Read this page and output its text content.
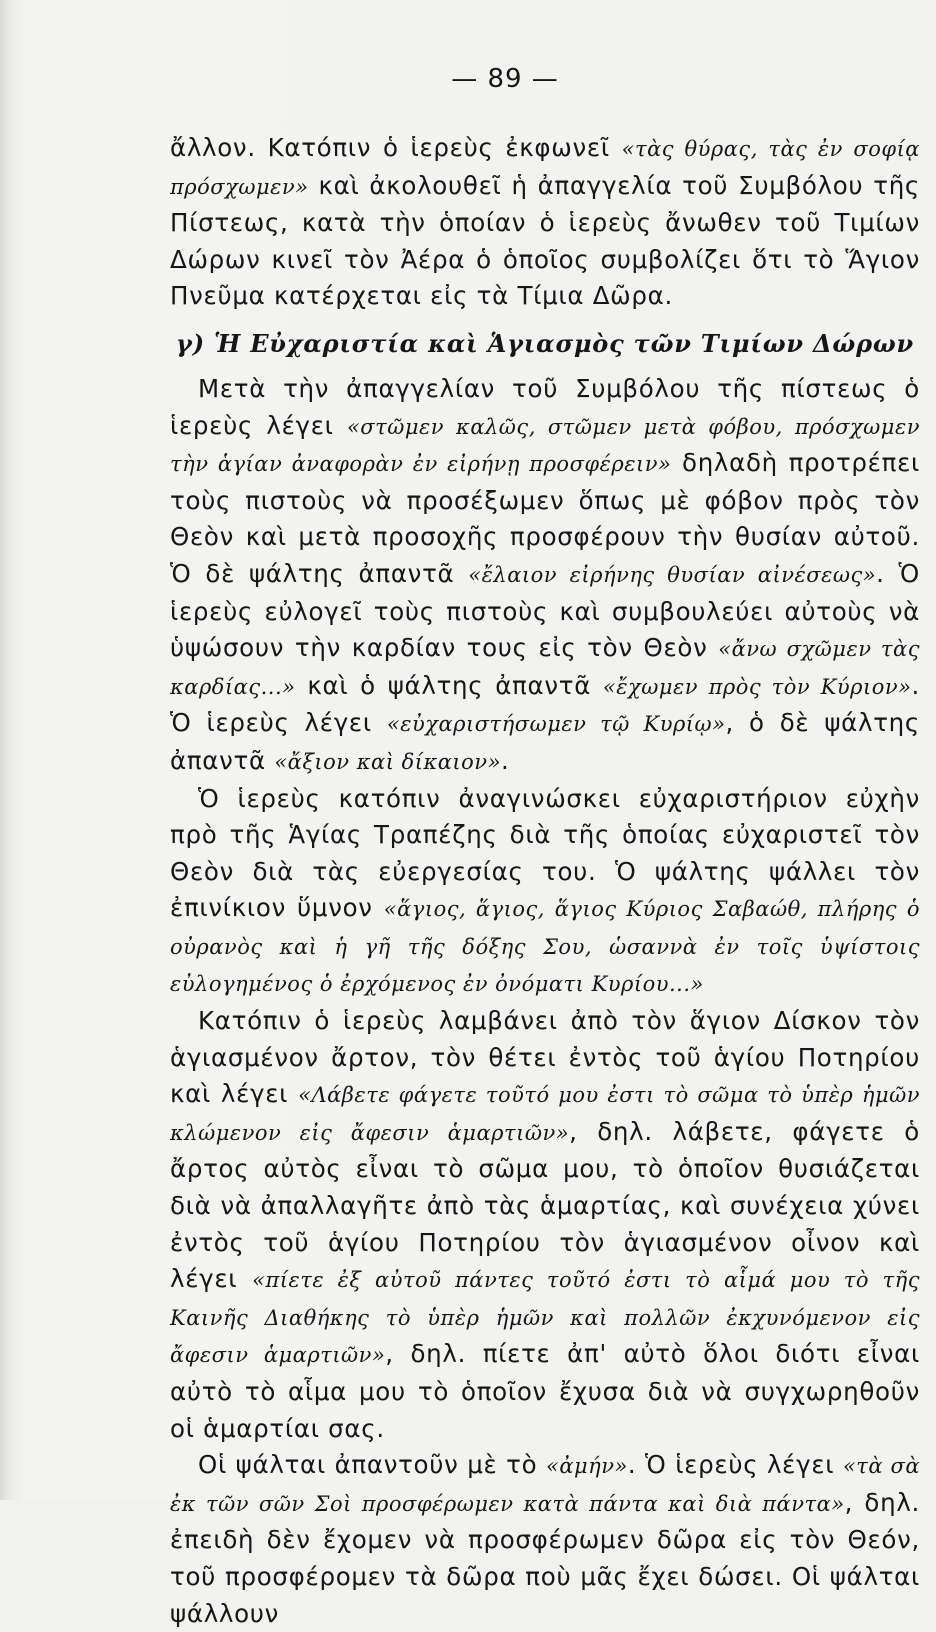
— 89 —

ἄλλον. Κατόπιν ὁ ἱερεὺς ἐκφωνεῖ «τὰς θύρας, τὰς ἐν σοφίᾳ πρόσχωμεν» καὶ ἀκολουθεῖ ἡ ἀπαγγελία τοῦ Συμβόλου τῆς Πίστεως, κατὰ τὴν ὁποίαν ὁ ἱερεὺς ἄνωθεν τοῦ Τιμίων Δώρων κινεῖ τὸν Ἀέρα ὁ ὁποῖος συμβολίζει ὅτι τὸ Ἅγιον Πνεῦμα κατέρχεται εἰς τὰ Τίμια Δῶρα.

γ) Ἡ Εὐχαριστία καὶ Ἁγιασμὸς τῶν Τιμίων Δώρων

Μετὰ τὴν ἀπαγγελίαν τοῦ Συμβόλου τῆς πίστεως ὁ ἱερεὺς λέγει «στῶμεν καλῶς, στῶμεν μετὰ φόβου, πρόσχωμεν τὴν ἁγίαν ἀναφορὰν ἐν εἰρήνῃ προσφέρειν» δηλαδὴ προτρέπει τοὺς πιστοὺς νὰ προσέξωμεν ὅπως μὲ φόβον πρὸς τὸν Θεὸν καὶ μετὰ προσοχῆς προσφέρουν τὴν θυσίαν αὐτοῦ. Ὁ δὲ ψάλτης ἀπαντᾶ «ἔλαιον εἰρήνης θυσίαν αἰνέσεως». Ὁ ἱερεὺς εὐλογεῖ τοὺς πιστοὺς καὶ συμβουλεύει αὐτοὺς νὰ ὑψώσουν τὴν καρδίαν τους εἰς τὸν Θεὸν «ἄνω σχῶμεν τὰς καρδίας...» καὶ ὁ ψάλτης ἀπαντᾶ «ἔχωμεν πρὸς τὸν Κύριον». Ὁ ἱερεὺς λέγει «εὐχαριστήσωμεν τῷ Κυρίῳ», ὁ δὲ ψάλτης ἀπαντᾶ «ἄξιον καὶ δίκαιον».

Ὁ ἱερεὺς κατόπιν ἀναγινώσκει εὐχαριστήριον εὐχὴν πρὸ τῆς Ἁγίας Τραπέζης διὰ τῆς ὁποίας εὐχαριστεῖ τὸν Θεὸν διὰ τὰς εὐεργεσίας του. Ὁ ψάλτης ψάλλει τὸν ἐπινίκιον ὕμνον «ἅγιος, ἅγιος, ἅγιος Κύριος Σαβαώθ, πλήρης ὁ οὐρανὸς καὶ ἡ γῆ τῆς δόξης Σου, ὡσαννὰ ἐν τοῖς ὑψίστοις εὐλογημένος ὁ ἐρχόμενος ἐν ὀνόματι Κυρίου...»

Κατόπιν ὁ ἱερεὺς λαμβάνει ἀπὸ τὸν ἅγιον Δίσκον τὸν ἁγιασμένον ἄρτον, τὸν θέτει ἐντὸς τοῦ ἁγίου Ποτηρίου καὶ λέγει «Λάβετε φάγετε τοῦτό μου ἐστι τὸ σῶμα τὸ ὑπὲρ ἡμῶν κλώμενον εἰς ἄφεσιν ἁμαρτιῶν», δηλ. λάβετε, φάγετε ὁ ἄρτος αὐτὸς εἶναι τὸ σῶμα μου, τὸ ὁποῖον θυσιάζεται διὰ νὰ ἀπαλλαγῆτε ἀπὸ τὰς ἁμαρτίας, καὶ συνέχεια χύνει ἐντὸς τοῦ ἁγίου Ποτηρίου τὸν ἁγιασμένον οἶνον καὶ λέγει «πίετε ἐξ αὐτοῦ πάντες τοῦτό ἐστι τὸ αἷμά μου τὸ τῆς Καινῆς Διαθήκης τὸ ὑπὲρ ἡμῶν καὶ πολλῶν ἐκχυνόμενον εἰς ἄφεσιν ἁμαρτιῶν», δηλ. πίετε ἀπ' αὐτὸ ὅλοι διότι εἶναι αὐτὸ τὸ αἷμα μου τὸ ὁποῖον ἔχυσα διὰ νὰ συγχωρηθοῦν οἱ ἁμαρτίαι σας.

Οἱ ψάλται ἀπαντοῦν μὲ τὸ «ἀμήν». Ὁ ἱερεὺς λέγει «τὰ σὰ ἐκ τῶν σῶν Σοὶ προσφέρωμεν κατὰ πάντα καὶ διὰ πάντα», δηλ. ἐπειδὴ δὲν ἔχομεν νὰ προσφέρωμεν δῶρα εἰς τὸν Θεόν, τοῦ προσφέρομεν τὰ δῶρα ποὺ μᾶς ἔχει δώσει. Οἱ ψάλται ψάλλουν
